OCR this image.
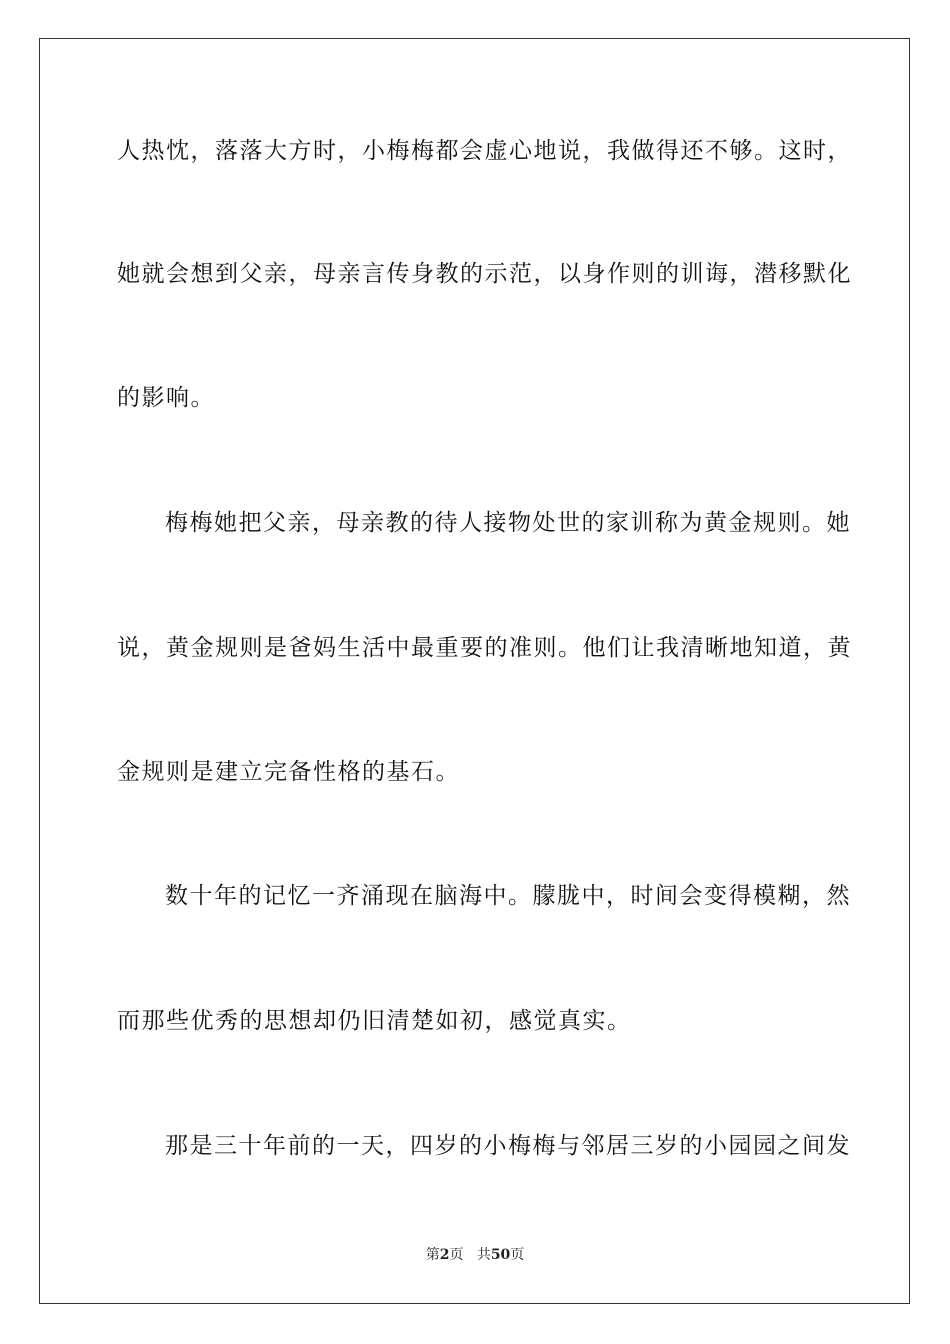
人热忱，落落大方时，小梅梅都会虚心地说，我做得还不够。这时，
她就会想到父亲，母亲言传身教的示范，以身作则的训诲，潜移默化
的影响。
梅梅她把父亲，母亲教的待人接物处世的家训称为黄金规则。她
说，黄金规则是爸妈生活中最重要的准则。他们让我清晰地知道，黄
金规则是建立完备性格的基石。
数十年的记忆一齐涌现在脑海中。朦胧中，时间会变得模糊，然
而那些优秀的思想却仍旧清楚如初，感觉真实。
那是三十年前的一天，四岁的小梅梅与邻居三岁的小园园之间发
第2页 共50页
